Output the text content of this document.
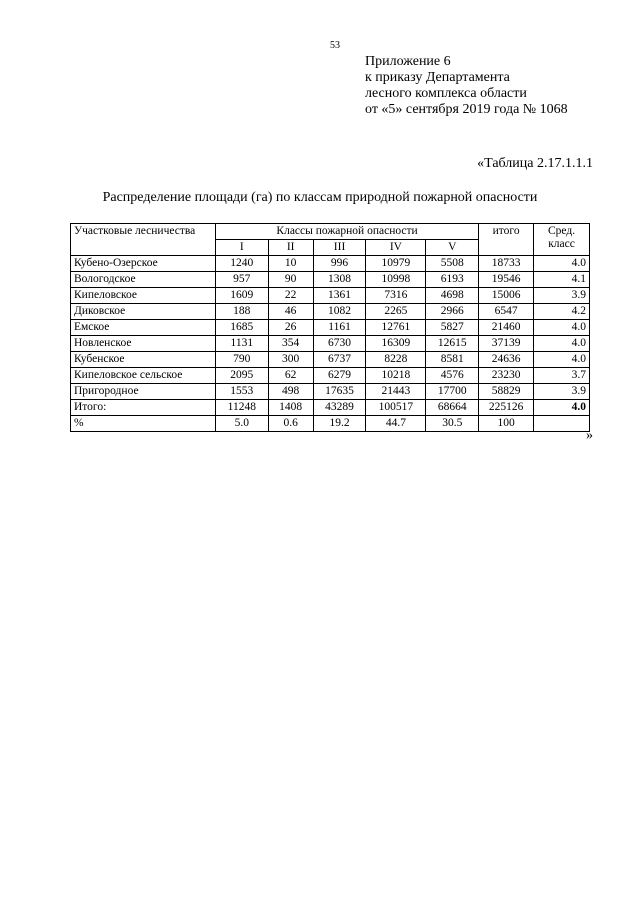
53
Приложение 6
к приказу Департамента
лесного комплекса области
от «5» сентября 2019 года № 1068
«Таблица 2.17.1.1.1
Распределение площади (га) по классам природной пожарной опасности
Участковые лесничества	Классы пожарной опасности					итого	Сред.
класс

	I	II	III	IV	V		
Кубено-Озерское	1240	10	996	10979	5508	18733	4.0
Вологодское	957	90	1308	10998	6193	19546	4.1
Кипеловское	1609	22	1361	7316	4698	15006	3.9
Диковское	188	46	1082	2265	2966	6547	4.2
Емское	1685	26	1161	12761	5827	21460	4.0
Новленское	1131	354	6730	16309	12615	37139	4.0
Кубенское	790	300	6737	8228	8581	24636	4.0
Кипеловское сельское	2095	62	6279	10218	4576	23230	3.7
Пригородное	1553	498	17635	21443	17700	58829	3.9
Итого:	11248	1408	43289	100517	68664	225126	4.0
%	5.0	0.6	19.2	44.7	30.5	100	
»
